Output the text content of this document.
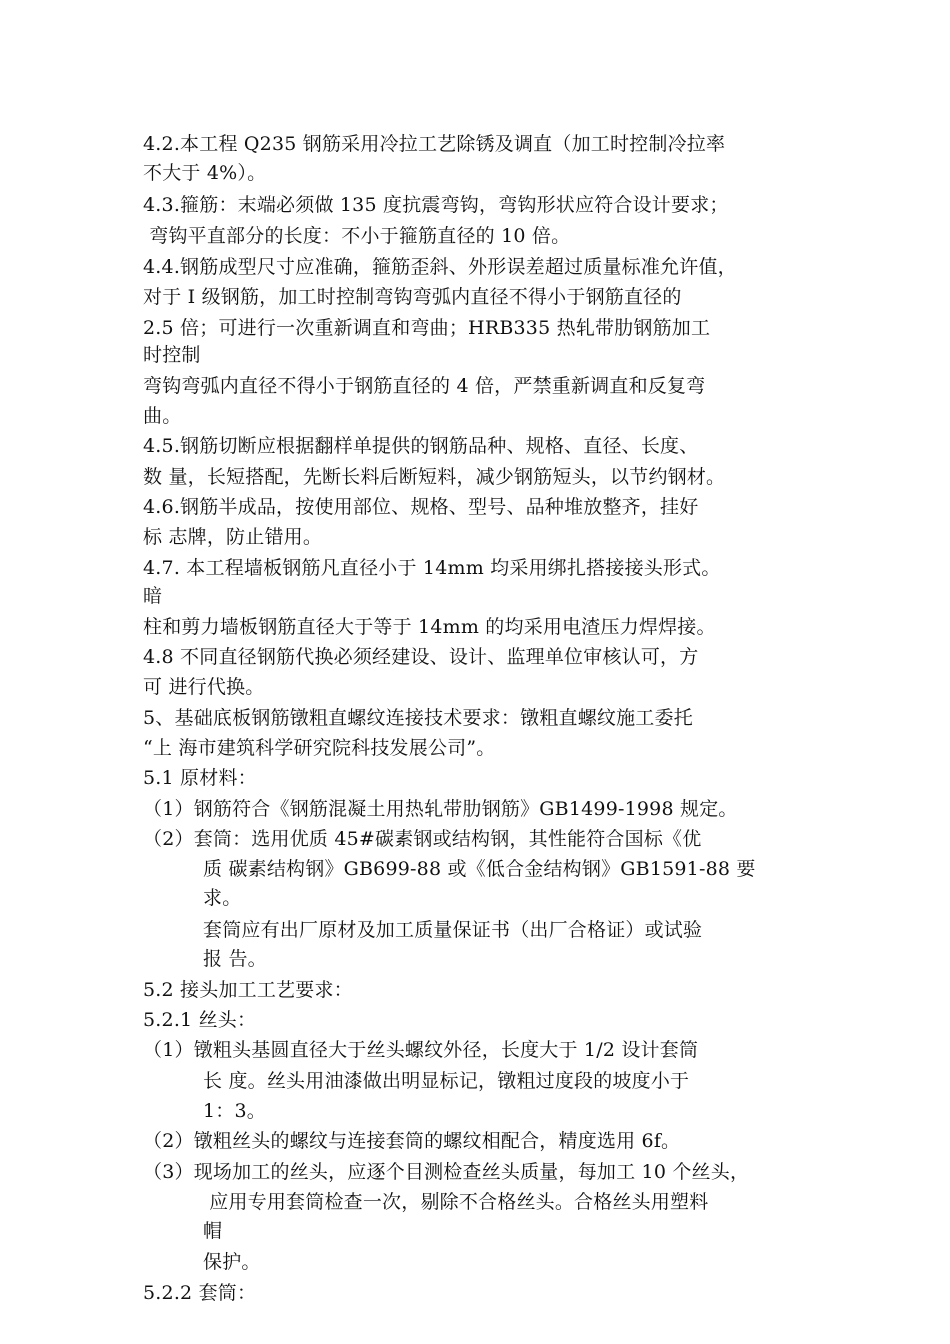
4.2.本工程 Q235 钢筋采用冷拉工艺除锈及调直（加工时控制冷拉率
不大于 4%）。
4.3.箍筋：末端必须做 135 度抗震弯钩，弯钩形状应符合设计要求；
弯钩平直部分的长度：不小于箍筋直径的 10 倍。
4.4.钢筋成型尺寸应准确，箍筋歪斜、外形误差超过质量标准允许值，
对于 I 级钢筋，加工时控制弯钩弯弧内直径不得小于钢筋直径的
2.5 倍；可进行一次重新调直和弯曲；HRB335 热轧带肋钢筋加工
时控制
弯钩弯弧内直径不得小于钢筋直径的 4 倍，严禁重新调直和反复弯
曲。
4.5.钢筋切断应根据翻样单提供的钢筋品种、规格、直径、长度、
数 量，长短搭配，先断长料后断短料，减少钢筋短头，以节约钢材。
4.6.钢筋半成品，按使用部位、规格、型号、品种堆放整齐，挂好
标 志牌，防止错用。
4.7. 本工程墙板钢筋凡直径小于 14mm 均采用绑扎搭接接头形式。
暗
柱和剪力墙板钢筋直径大于等于 14mm 的均采用电渣压力焊焊接。
4.8 不同直径钢筋代换必须经建设、设计、监理单位审核认可，方
可 进行代换。
5、基础底板钢筋镦粗直螺纹连接技术要求：镦粗直螺纹施工委托
“上 海市建筑科学研究院科技发展公司”。
5.1 原材料：
（1）钢筋符合《钢筋混凝土用热轧带肋钢筋》GB1499-1998 规定。
（2）套筒：选用优质 45#碳素钢或结构钢，其性能符合国标《优
质 碳素结构钢》GB699-88 或《低合金结构钢》GB1591-88 要
求。
套筒应有出厂原材及加工质量保证书（出厂合格证）或试验
报 告。
5.2 接头加工工艺要求：
5.2.1 丝头：
（1）镦粗头基圆直径大于丝头螺纹外径，长度大于 1/2 设计套筒
长 度。丝头用油漆做出明显标记，镦粗过度段的坡度小于
1：3。
（2）镦粗丝头的螺纹与连接套筒的螺纹相配合，精度选用 6f。
（3）现场加工的丝头，应逐个目测检查丝头质量，每加工 10 个丝头，
应用专用套筒检查一次，剔除不合格丝头。合格丝头用塑料
帽
保护。
5.2.2 套筒：
